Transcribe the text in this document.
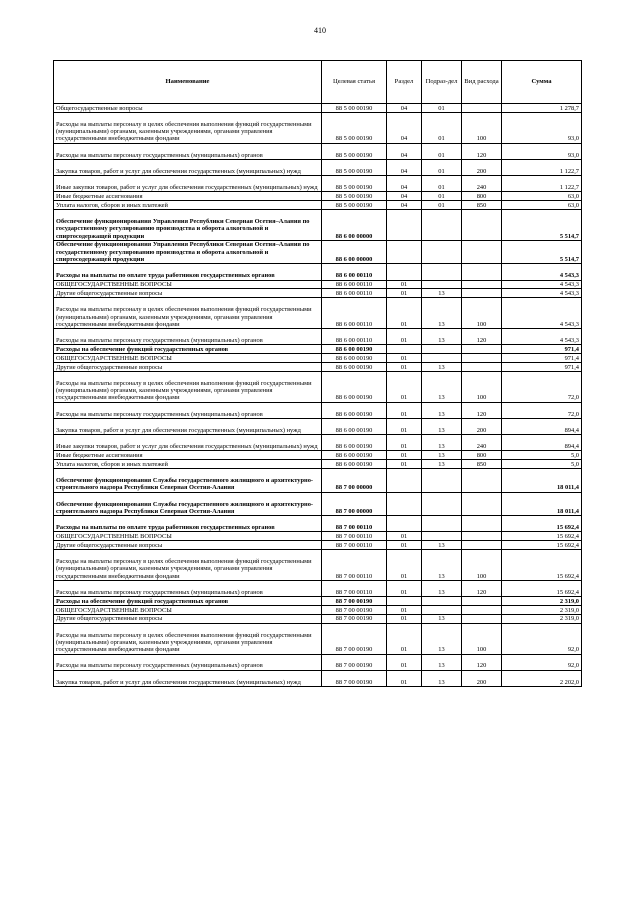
410
Наименование	Целевая статья	Раздел	Подраз-дел	Вид расхода	Сумма
Общегосударственные вопросы	88 5 00 00190	04	01		1 278,7
Расходы на выплаты персоналу в целях обеспечения выполнения функций государственными (муниципальными) органами, казенными учреждениями, органами управления государственными внебюджетными фондами	88 5 00 00190	04	01	100	93,0
Расходы на выплаты персоналу государственных (муниципальных) органов	88 5 00 00190	04	01	120	93,0
Закупка товаров, работ и услуг для обеспечения государственных (муниципальных) нужд	88 5 00 00190	04	01	200	1 122,7
Иные закупки товаров, работ и услуг для обеспечения государственных (муниципальных) нужд	88 5 00 00190	04	01	240	1 122,7
Иные бюджетные ассигнования	88 5 00 00190	04	01	800	63,0
Уплата налогов, сборов и иных платежей	88 5 00 00190	04	01	850	63,0
Обеспечение функционирования Управления Республики Северная Осетия–Алания по государственному регулированию производства и оборота алкогольной и спиртосодержащей продукции	88 6 00 00000				5 514,7
Обеспечение функционирования Управления Республики Северная Осетия–Алания по государственному регулированию производства и оборота алкогольной и спиртосодержащей продукции	88 6 00 00000				5 514,7
Расходы на выплаты по оплате труда работников государственных органов	88 6 00 00110				4 543,3
ОБЩЕГОСУДАРСТВЕННЫЕ ВОПРОСЫ	88 6 00 00110	01			4 543,3
Другие общегосударственные вопросы	88 6 00 00110	01	13		4 543,3
Расходы на выплаты персоналу в целях обеспечения выполнения функций государственными (муниципальными) органами, казенными учреждениями, органами управления государственными внебюджетными фондами	88 6 00 00110	01	13	100	4 543,3
Расходы на выплаты персоналу государственных (муниципальных) органов	88 6 00 00110	01	13	120	4 543,3
Расходы на обеспечение функций государственных органов	88 6 00 00190				971,4
ОБЩЕГОСУДАРСТВЕННЫЕ ВОПРОСЫ	88 6 00 00190	01			971,4
Другие общегосударственные вопросы	88 6 00 00190	01	13		971,4
Расходы на выплаты персоналу в целях обеспечения выполнения функций государственными (муниципальными) органами, казенными учреждениями, органами управления государственными внебюджетными фондами	88 6 00 00190	01	13	100	72,0
Расходы на выплаты персоналу государственных (муниципальных) органов	88 6 00 00190	01	13	120	72,0
Закупка товаров, работ и услуг для обеспечения государственных (муниципальных) нужд	88 6 00 00190	01	13	200	894,4
Иные закупки товаров, работ и услуг для обеспечения государственных (муниципальных) нужд	88 6 00 00190	01	13	240	894,4
Иные бюджетные ассигнования	88 6 00 00190	01	13	800	5,0
Уплата налогов, сборов и иных платежей	88 6 00 00190	01	13	850	5,0
Обеспечение функционирования Службы государственного жилищного и архитектурно-строительного надзора Республики Северная Осетия-Алания	88 7 00 00000				18 011,4
Обеспечение функционирования Службы государственного жилищного и архитектурно-строительного надзора Республики Северная Осетия-Алания	88 7 00 00000				18 011,4
Расходы на выплаты по оплате труда работников государственных органов	88 7 00 00110				15 692,4
ОБЩЕГОСУДАРСТВЕННЫЕ ВОПРОСЫ	88 7 00 00110	01			15 692,4
Другие общегосударственные вопросы	88 7 00 00110	01	13		15 692,4
Расходы на выплаты персоналу в целях обеспечения выполнения функций государственными (муниципальными) органами, казенными учреждениями, органами управления государственными внебюджетными фондами	88 7 00 00110	01	13	100	15 692,4
Расходы на выплаты персоналу государственных (муниципальных) органов	88 7 00 00110	01	13	120	15 692,4
Расходы на обеспечение функций государственных органов	88 7 00 00190				2 319,0
ОБЩЕГОСУДАРСТВЕННЫЕ ВОПРОСЫ	88 7 00 00190	01			2 319,0
Другие общегосударственные вопросы	88 7 00 00190	01	13		2 319,0
Расходы на выплаты персоналу в целях обеспечения выполнения функций государственными (муниципальными) органами, казенными учреждениями, органами управления государственными внебюджетными фондами	88 7 00 00190	01	13	100	92,0
Расходы на выплаты персоналу государственных (муниципальных) органов	88 7 00 00190	01	13	120	92,0
Закупка товаров, работ и услуг для обеспечения государственных (муниципальных) нужд	88 7 00 00190	01	13	200	2 202,0
